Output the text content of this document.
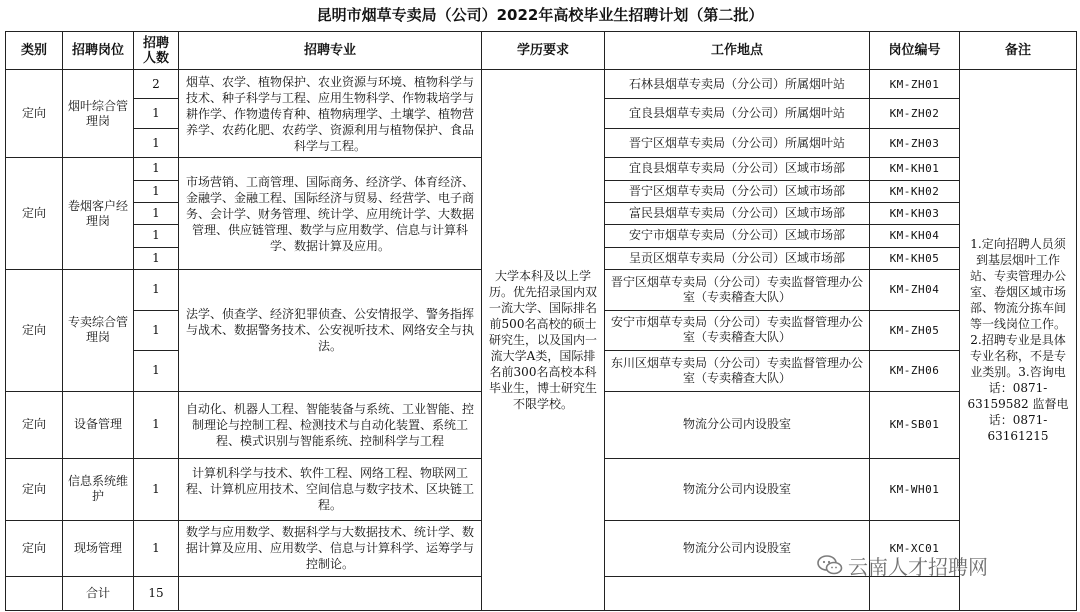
昆明市烟草专卖局（公司）2022年高校毕业生招聘计划（第二批）
类别	招聘岗位	招聘人数	招聘专业	学历要求	工作地点	岗位编号	备注	
定向	烟叶综合管理岗	2	烟草、农学、植物保护、农业资源与环境、植物科学与技术、种子科学与工程、应用生物科学、作物栽培学与耕作学、作物遗传育种、植物病理学、土壤学、植物营养学、农药化肥、农药学、资源利用与植物保护、食品科学与工程。	大学本科及以上学历。优先招录国内双一流大学、国际排名前500名高校的硕士研究生，以及国内一流大学A类，国际排名前300名高校本科毕业生，博士研究生不限学校。	石林县烟草专卖局（分公司）所属烟叶站	KM-ZH01	1.定向招聘人员须到基层烟叶工作站、专卖管理办公室、卷烟区域市场部、物流分拣车间等一线岗位工作。2.招聘专业是具体专业名称，不是专业类别。3.咨询电话：0871-63159582 监督电话：0871-63161215	
		1			宜良县烟草专卖局（分公司）所属烟叶站	KM-ZH02		
		1			晋宁区烟草专卖局（分公司）所属烟叶站	KM-ZH03		
定向	卷烟客户经理岗	1	市场营销、工商管理、国际商务、经济学、体育经济、金融学、金融工程、国际经济与贸易、经营学、电子商务、会计学、财务管理、统计学、应用统计学、大数据管理、供应链管理、数学与应用数学、信息与计算科学、数据计算及应用。		宜良县烟草专卖局（分公司）区域市场部	KM-KH01		
		1			晋宁区烟草专卖局（分公司）区域市场部	KM-KH02		
		1			富民县烟草专卖局（分公司）区域市场部	KM-KH03		
		1			安宁市烟草专卖局（分公司）区域市场部	KM-KH04		
		1			呈贡区烟草专卖局（分公司）区域市场部	KM-KH05		
定向	专卖综合管理岗	1	法学、侦查学、经济犯罪侦查、公安情报学、警务指挥与战术、数据警务技术、公安视听技术、网络安全与执法。		晋宁区烟草专卖局（分公司）专卖监督管理办公室（专卖稽查大队）	KM-ZH04		
		1			安宁市烟草专卖局（分公司）专卖监督管理办公室（专卖稽查大队）	KM-ZH05		
		1			东川区烟草专卖局（分公司）专卖监督管理办公室（专卖稽查大队）	KM-ZH06		
定向	设备管理	1	自动化、机器人工程、智能装备与系统、工业智能、控制理论与控制工程、检测技术与自动化装置、系统工程、模式识别与智能系统、控制科学与工程		物流分公司内设股室	KM-SB01		
定向	信息系统维护	1	计算机科学与技术、软件工程、网络工程、物联网工程、计算机应用技术、空间信息与数字技术、区块链工程。		物流分公司内设股室	KM-WH01		
定向	现场管理	1	数学与应用数学、数据科学与大数据技术、统计学、数据计算及应用、应用数学、信息与计算科学、运筹学与控制论。		物流分公司内设股室	KM-XC01		
	合计	15						
云南人才招聘网
